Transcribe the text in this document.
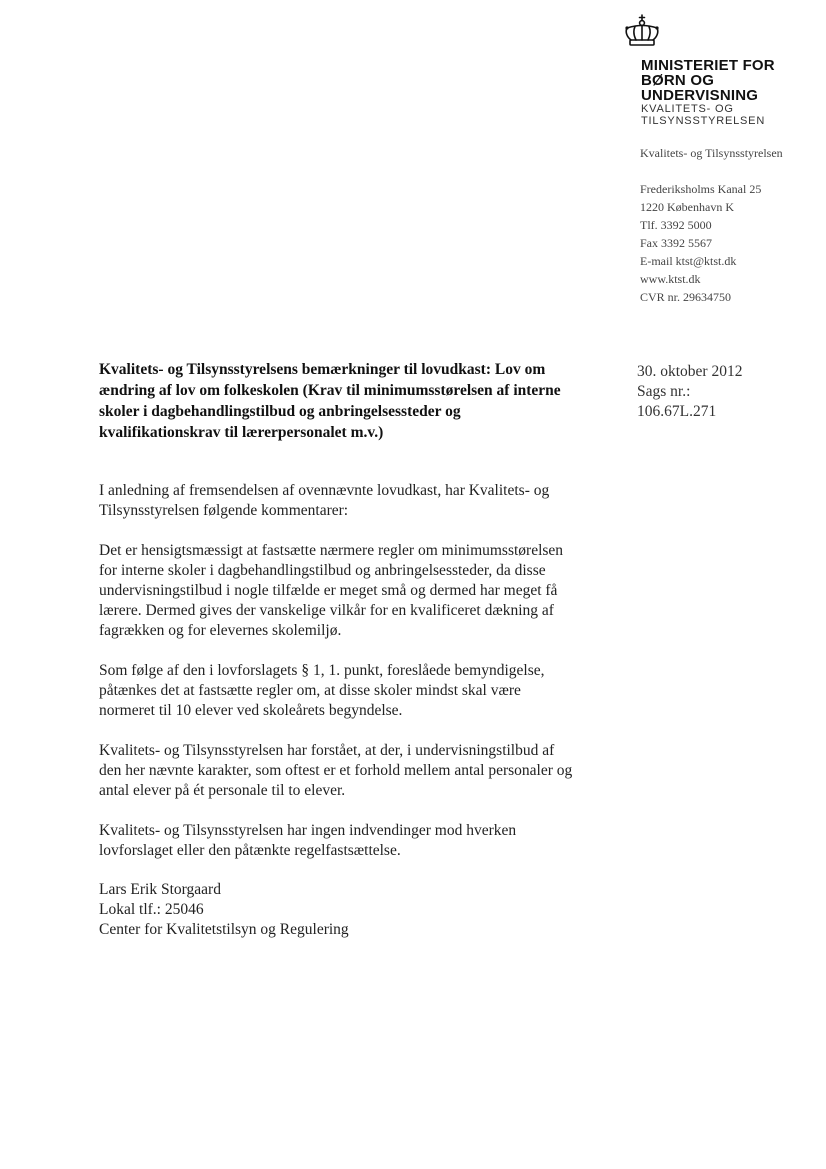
MINISTERIET FOR
BØRN OG
UNDERVISNING
KVALITETS- OG
TILSYNSSTYRELSEN
Kvalitets- og Tilsynsstyrelsen
Frederiksholms Kanal 25
1220 København K
Tlf. 3392 5000
Fax 3392 5567
E-mail ktst@ktst.dk
www.ktst.dk
CVR nr. 29634750
30. oktober 2012
Sags nr.:
106.67L.271
Kvalitets- og Tilsynsstyrelsens bemærkninger til lovudkast: Lov om ændring af lov om folkeskolen (Krav til minimumsstørelsen af interne skoler i dagbehandlingstilbud og anbringelsessteder og kvalifikationskrav til lærerpersonalet m.v.)

I anledning af fremsendelsen af ovennævnte lovudkast, har Kvalitets- og Tilsynsstyrelsen følgende kommentarer:

Det er hensigtsmæssigt at fastsætte nærmere regler om minimumsstørelsen for interne skoler i dagbehandlingstilbud og anbringelsessteder, da disse undervisningstilbud i nogle tilfælde er meget små og dermed har meget få lærere. Dermed gives der vanskelige vilkår for en kvalificeret dækning af fagrækken og for elevernes skolemiljø.

Som følge af den i lovforslagets § 1, 1. punkt, foreslåede bemyndigelse, påtænkes det at fastsætte regler om, at disse skoler mindst skal være normeret til 10 elever ved skoleårets begyndelse.

Kvalitets- og Tilsynsstyrelsen har forstået, at der, i undervisningstilbud af den her nævnte karakter, som oftest er et forhold mellem antal personaler og antal elever på ét personale til to elever.

Kvalitets- og Tilsynsstyrelsen har ingen indvendinger mod hverken lovforslaget eller den påtænkte regelfastsættelse.

Lars Erik Storgaard
Lokal tlf.: 25046
Center for Kvalitetstilsyn og Regulering
